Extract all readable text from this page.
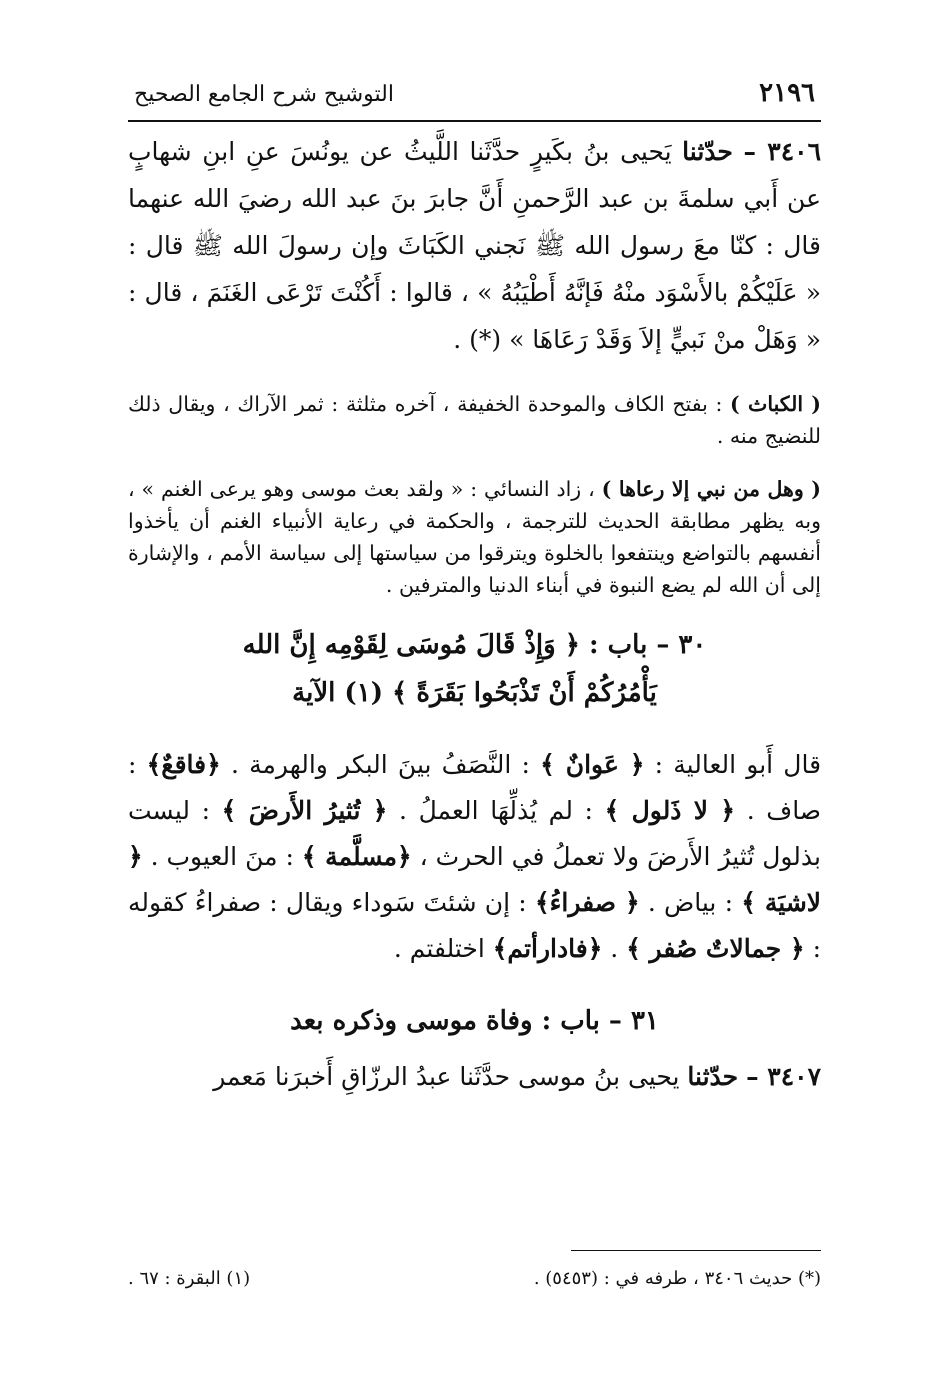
٢١٩٦
التوشيح شرح الجامع الصحيح

٣٤٠٦ – حدّثنا يَحيى بنُ بكَيرٍ حدَّثَنا اللَّيثُ عن يونُسَ عنِ ابنِ شهابٍ عن أَبي سلمةَ بن عبد الرَّحمنِ أَنَّ جابرَ بنَ عبد الله رضيَ الله عنهما قال : كنّا معَ رسول الله ﷺ نَجني الكَبَاثَ وإن رسولَ الله ﷺ قال : « عَلَيْكُمْ بالأَسْوَد منْهُ فَإنَّهُ أَطْيَبُهُ » ، قالوا : أَكُنْتَ تَرْعَى الغَنَمَ ، قال : « وَهَلْ منْ نَبيٍّ إلاَ وَقَدْ رَعَاهَا » (*) .

( الكباث ) : بفتح الكاف والموحدة الخفيفة ، آخره مثلثة : ثمر الآراك ، ويقال ذلك للنضيج منه .

( وهل من نبي إلا رعاها ) ، زاد النسائي : « ولقد بعث موسى وهو يرعى الغنم » ، وبه يظهر مطابقة الحديث للترجمة ، والحكمة في رعاية الأنبياء الغنم أن يأخذوا أنفسهم بالتواضع وينتفعوا بالخلوة ويترقوا من سياستها إلى سياسة الأمم ، والإشارة إلى أن الله لم يضع النبوة في أبناء الدنيا والمترفين .

٣٠ – باب : ﴿ وَإِذْ قَالَ مُوسَى لِقَوْمِه إِنَّ الله
يَأْمُرُكُمْ أَنْ تَذْبَحُوا بَقَرَةً ﴾ (١) الآية

قال أَبو العالية : ﴿ عَوانٌ ﴾ : النَّصَفُ بينَ البكر والهرمة . ﴿فاقعٌ﴾ : صاف . ﴿ لا ذَلول ﴾ : لم يُذلِّهَا العملُ . ﴿ تُثيرُ الأَرضَ ﴾ : ليست بذلول تُثيرُ الأَرضَ ولا تعملُ في الحرث ، ﴿مسلَّمة ﴾ : منَ العيوب . ﴿ لاشيَة ﴾ : بياض . ﴿ صفراءُ﴾ : إن شئتَ سَوداء ويقال : صفراءُ كقوله : ﴿ جمالاتٌ صُفر ﴾ . ﴿فادارأتم﴾ اختلفتم .

٣١ – باب : وفاة موسى وذكره بعد

٣٤٠٧ – حدّثنا يحيى بنُ موسى حدَّثَنا عبدُ الرزّاقِ أَخبرَنا مَعمر

(*) حديث ٣٤٠٦ ، طرفه في : (٥٤٥٣) .
(١) البقرة : ٦٧ .
